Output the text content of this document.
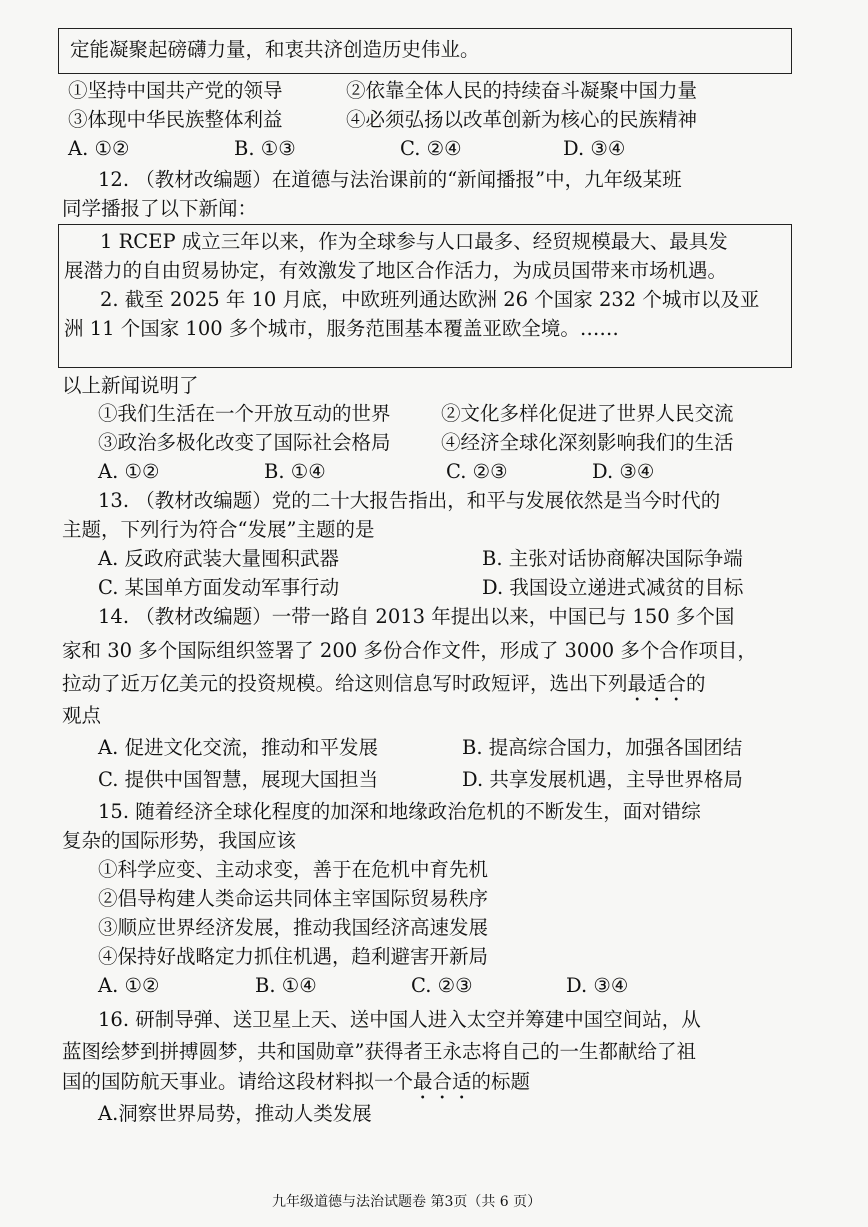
定能凝聚起磅礴力量，和衷共济创造历史伟业。
①坚持中国共产党的领导	②依靠全体人民的持续奋斗凝聚中国力量
③体现中华民族整体利益	④必须弘扬以改革创新为核心的民族精神
A. ①②	B. ①③	C. ②④	D. ③④
12. （教材改编题）在道德与法治课前的“新闻播报”中，九年级某班
同学播报了以下新闻：
1 RCEP 成立三年以来，作为全球参与人口最多、经贸规模最大、最具发
展潜力的自由贸易协定，有效激发了地区合作活力，为成员国带来市场机遇。
2. 截至 2025 年 10 月底，中欧班列通达欧洲 26 个国家 232 个城市以及亚
洲 11 个国家 100 多个城市，服务范围基本覆盖亚欧全境。……
以上新闻说明了
①我们生活在一个开放互动的世界	②文化多样化促进了世界人民交流
③政治多极化改变了国际社会格局	④经济全球化深刻影响我们的生活
A. ①②	B. ①④	C. ②③	D. ③④
13. （教材改编题）党的二十大报告指出，和平与发展依然是当今时代的
主题，下列行为符合“发展”主题的是
A. 反政府武装大量囤积武器	B. 主张对话协商解决国际争端
C. 某国单方面发动军事行动	D. 我国设立递进式减贫的目标
14. （教材改编题）一带一路自 2013 年提出以来，中国已与 150 多个国
家和 30 多个国际组织签署了 200 多份合作文件，形成了 3000 多个合作项目，
拉动了近万亿美元的投资规模。给这则信息写时政短评，选出下列最适合的
观点
A. 促进文化交流，推动和平发展	B. 提高综合国力，加强各国团结
C. 提供中国智慧，展现大国担当	D. 共享发展机遇，主导世界格局
15. 随着经济全球化程度的加深和地缘政治危机的不断发生，面对错综
复杂的国际形势，我国应该
①科学应变、主动求变，善于在危机中育先机
②倡导构建人类命运共同体主宰国际贸易秩序
③顺应世界经济发展，推动我国经济高速发展
④保持好战略定力抓住机遇，趋利避害开新局
A. ①②	B. ①④	C. ②③	D. ③④
16. 研制导弹、送卫星上天、送中国人进入太空并筹建中国空间站，从
蓝图绘梦到拼搏圆梦，共和国勋章”获得者王永志将自己的一生都献给了祖
国的国防航天事业。请给这段材料拟一个最合适的标题
A.洞察世界局势，推动人类发展
九年级道德与法治试题卷 第3页（共 6 页）
